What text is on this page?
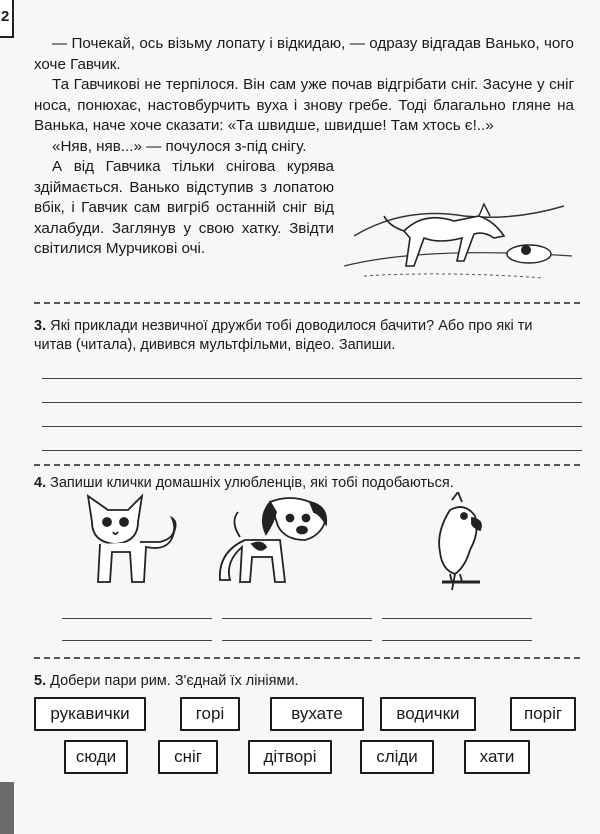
2

— Почекай, ось візьму лопату і відкидаю, — одразу відгадав Ванько, чого хоче Гавчик.

Та Гавчикові не терпілося. Він сам уже почав відгрібати сніг. Засуне у сніг носа, понюхає, настовбурчить вуха і знову гребе. Тоді благально гляне на Ванька, наче хоче сказати: «Та швидше, швидше! Там хтось є!..»

«Няв, няв...» — почулося з-під снігу.

А від Гавчика тільки снігова курява здіймається. Ванько відступив з лопатою вбік, і Гавчик сам вигріб останній сніг від халабуди. Заглянув у свою хатку. Звідти світилися Мурчикові очі.

3. Які приклади незвичної дружби тобі доводилося бачити? Або про які ти читав (читала), дивився мультфільми, відео. Запиши.
4. Запиши клички домашніх улюбленців, які тобі подобаються.
5. Добери пари рим. З'єднай їх лініями.
рукавички	горі	вухате	водички	поріг
сюди	сніг	дітворі	сліди	хати
